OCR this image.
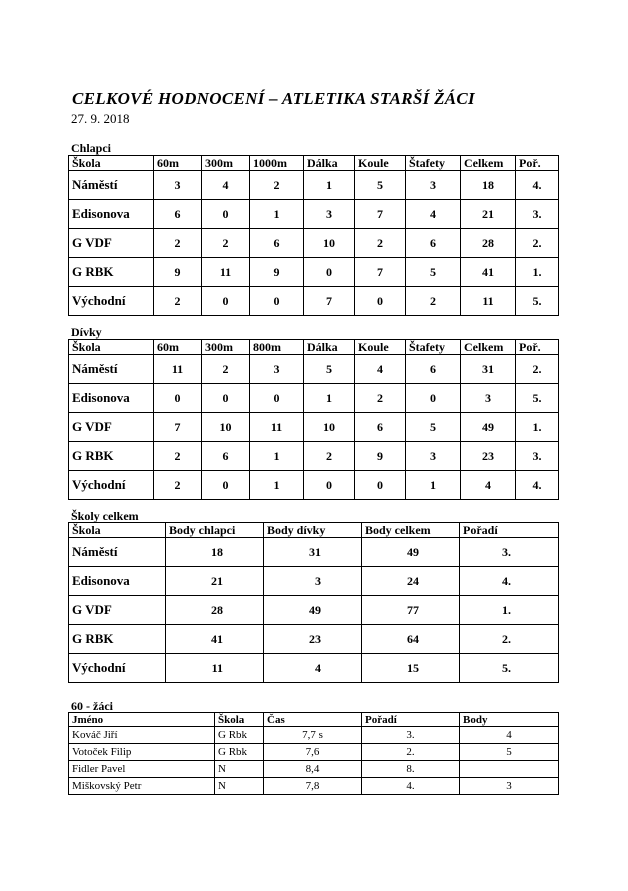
CELKOVÉ HODNOCENÍ – ATLETIKA STARŠÍ ŽÁCI
27. 9. 2018
Chlapci
Škola	60m	300m	1000m	Dálka	Koule	Štafety	Celkem	Poř.
Náměstí	3	4	2	1	5	3	18	4.
Edisonova	6	0	1	3	7	4	21	3.
G VDF	2	2	6	10	2	6	28	2.
G RBK	9	11	9	0	7	5	41	1.
Východní	2	0	0	7	0	2	11	5.
Dívky
Škola	60m	300m	800m	Dálka	Koule	Štafety	Celkem	Poř.
Náměstí	11	2	3	5	4	6	31	2.
Edisonova	0	0	0	1	2	0	3	5.
G VDF	7	10	11	10	6	5	49	1.
G RBK	2	6	1	2	9	3	23	3.
Východní	2	0	1	0	0	1	4	4.
Školy celkem
Škola	Body chlapci	Body dívky	Body celkem	Pořadí
Náměstí	18	31	49	3.
Edisonova	21	3	24	4.
G VDF	28	49	77	1.
G RBK	41	23	64	2.
Východní	11	4	15	5.
60 - žáci
Jméno	Škola	Čas	Pořadí	Body
Kováč Jiří	G Rbk	7,7 s	3.	4
Votoček Filip	G Rbk	7,6	2.	5
Fidler Pavel	N	8,4	8.	
Miškovský Petr	N	7,8	4.	3
